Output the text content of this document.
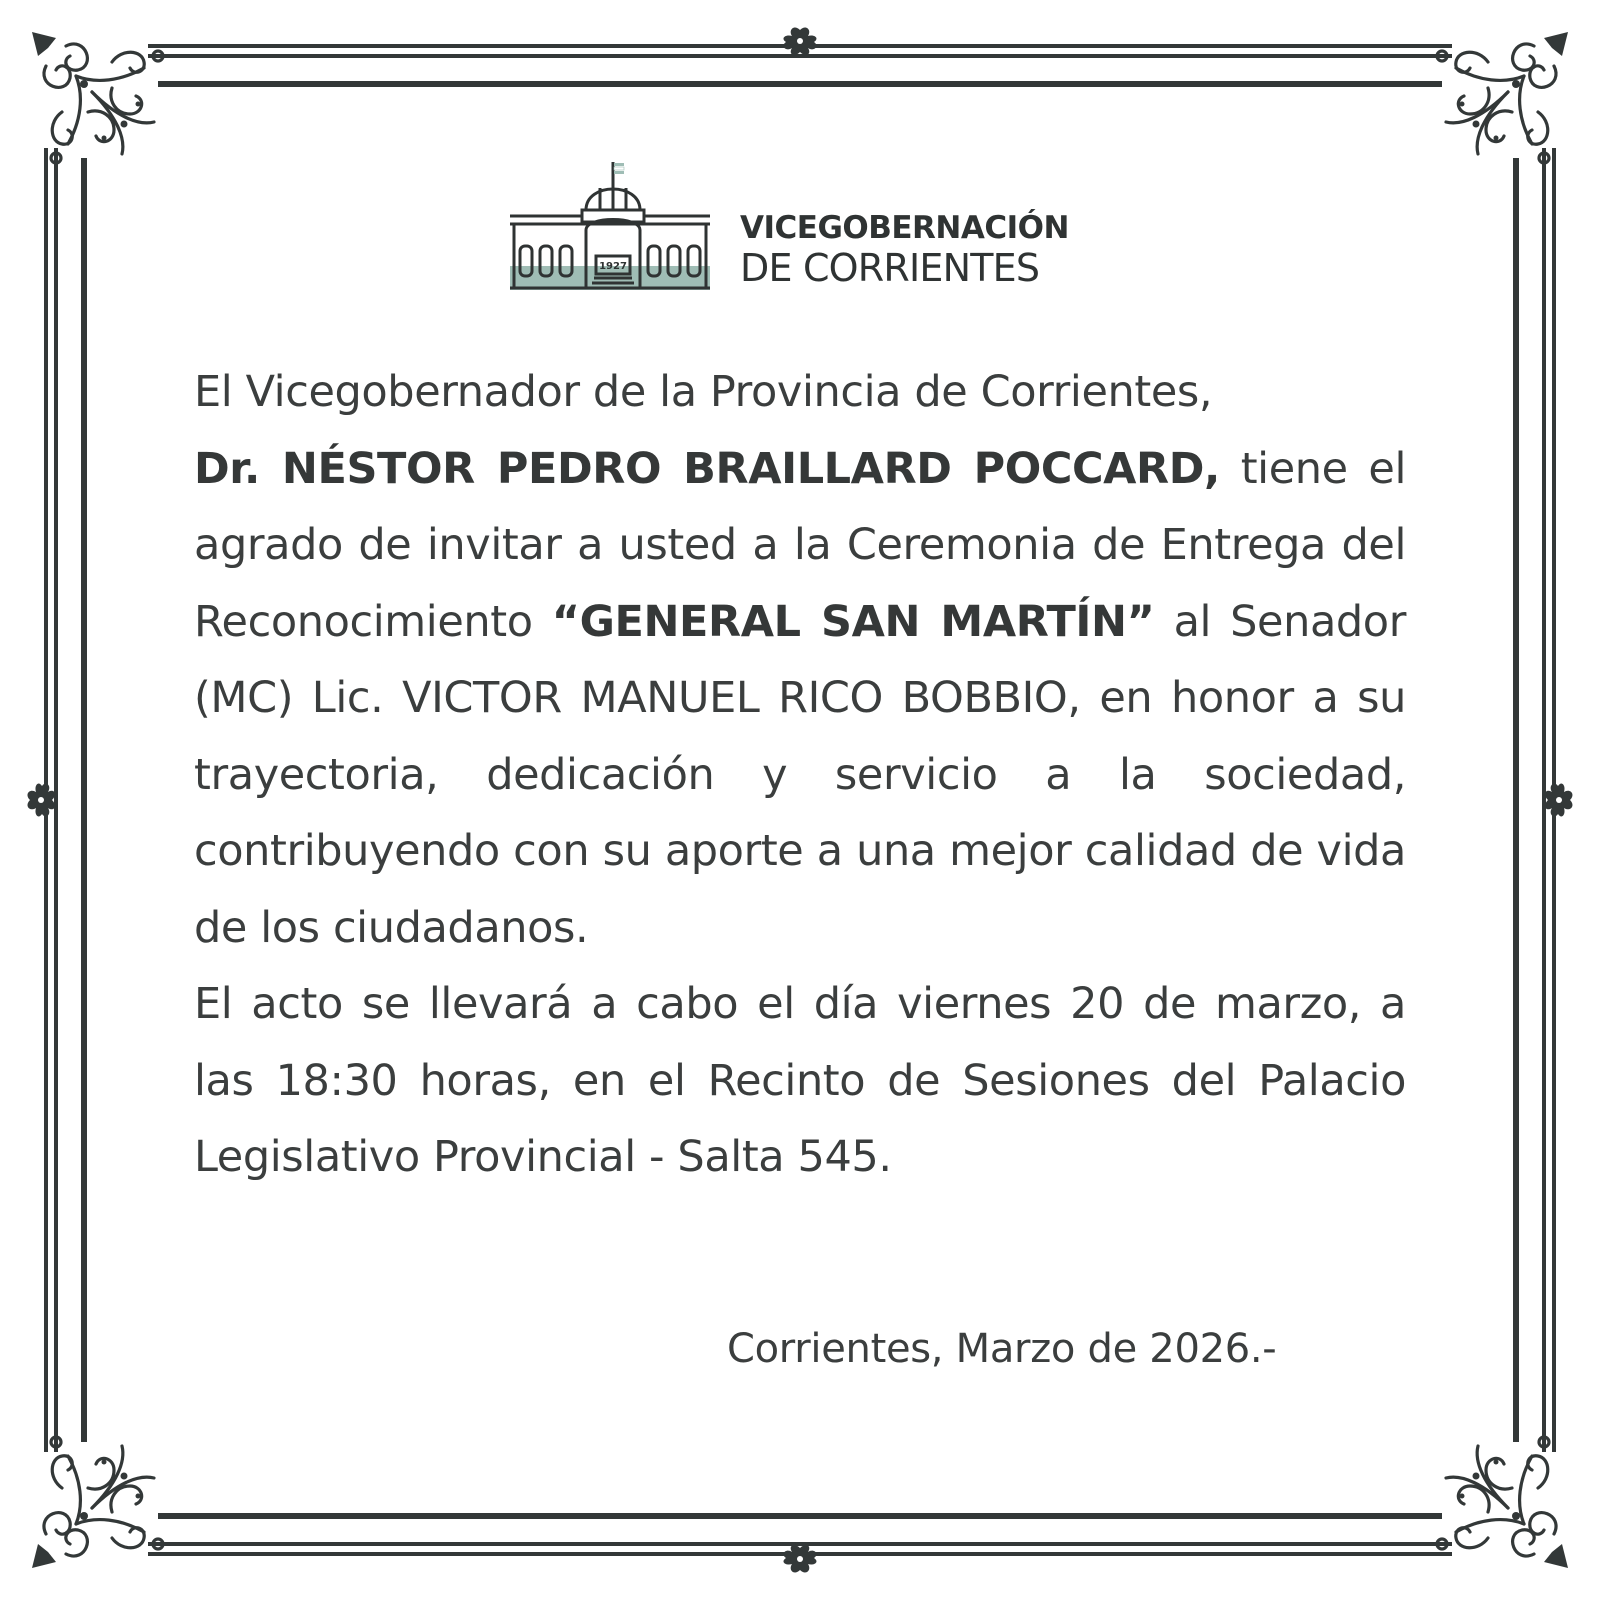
1927
VICEGOBERNACIÓN
DE CORRIENTES

El Vicegobernador de la Provincia de Corrientes,

Dr. NÉSTOR PEDRO BRAILLARD POCCARD, tiene el agrado de invitar a usted a la Ceremonia de Entrega del Reconocimiento “GENERAL SAN MARTÍN” al Senador (MC) Lic. VICTOR MANUEL RICO BOBBIO, en honor a su trayectoria, dedicación y servicio a la sociedad, contribuyendo con su aporte a una mejor calidad de vida de los ciudadanos.

El acto se llevará a cabo el día viernes 20 de marzo, a las 18:30 horas, en el Recinto de Sesiones del Palacio Legislativo Provincial - Salta 545.

Corrientes, Marzo de 2026.-
